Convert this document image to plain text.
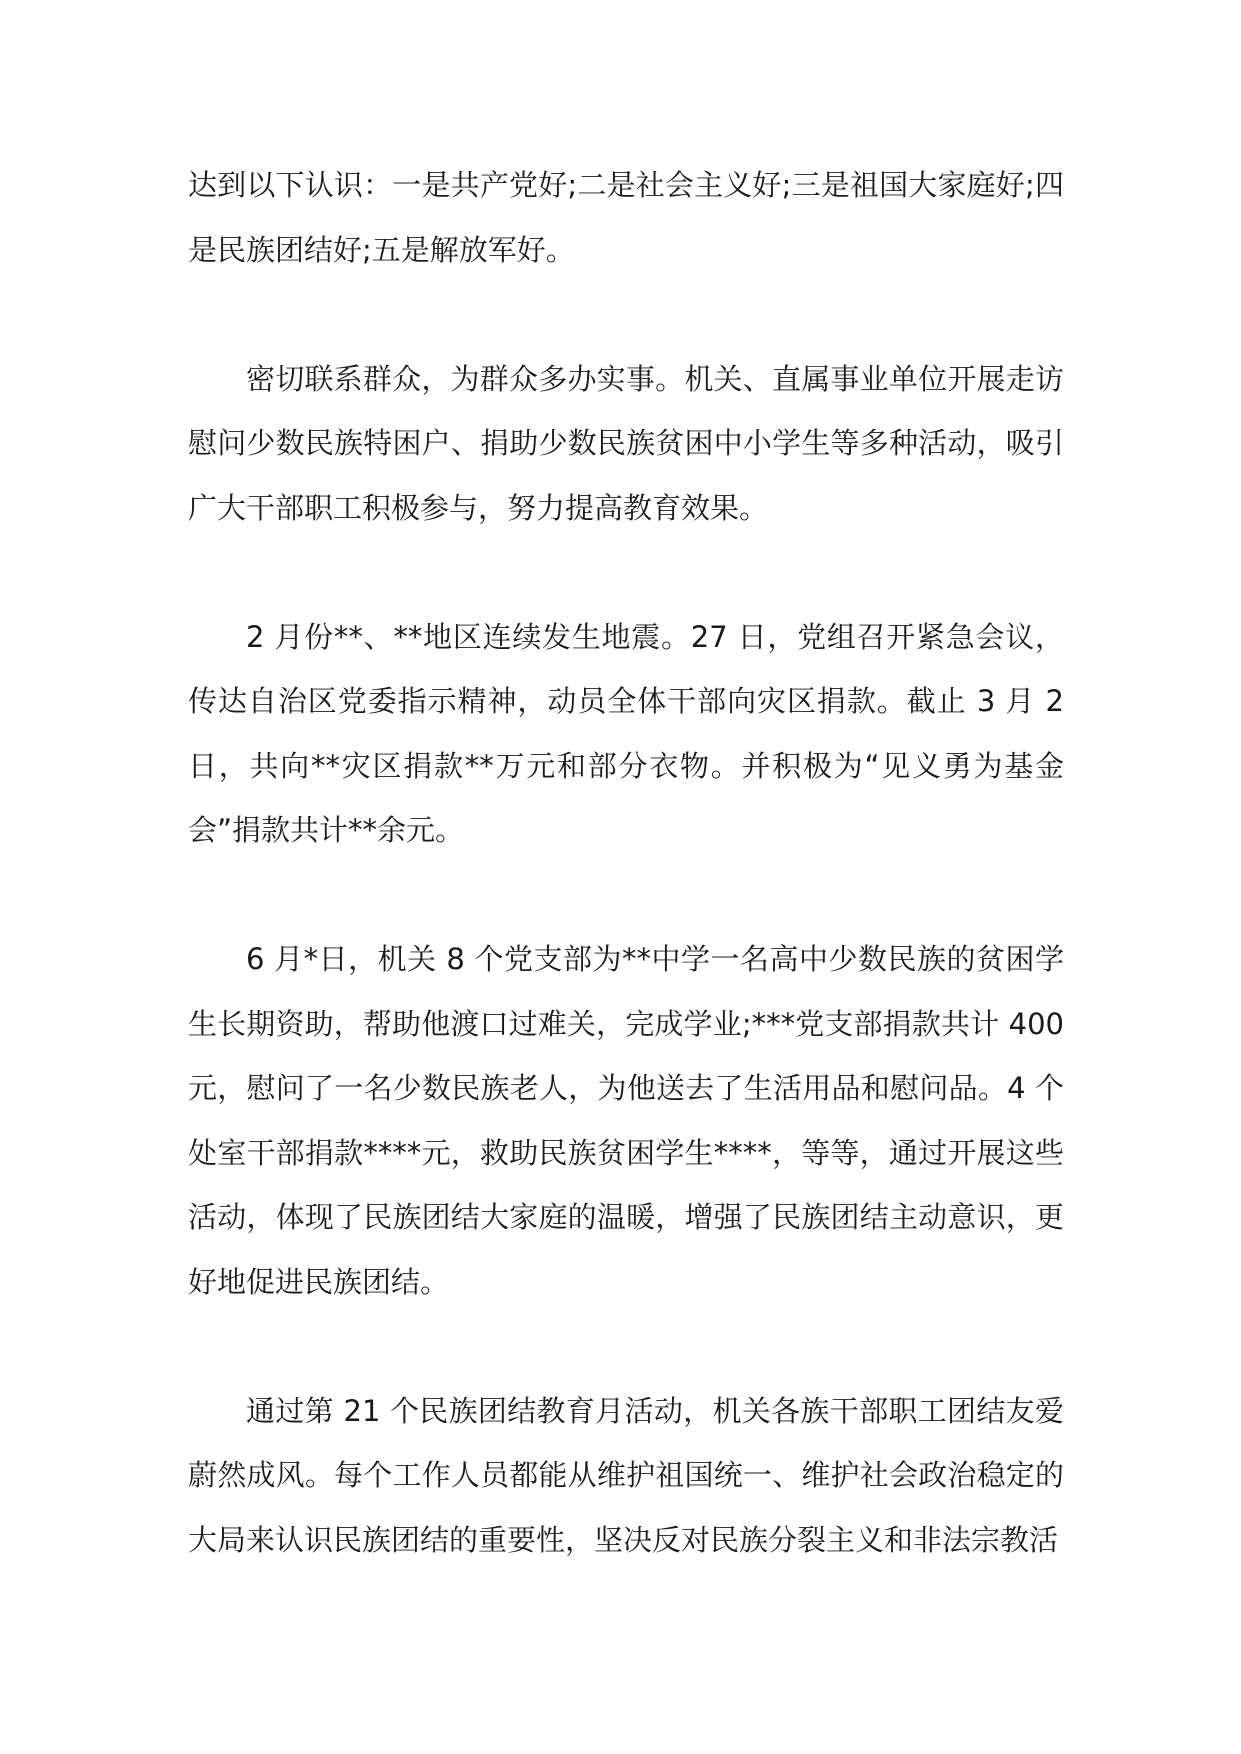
达到以下认识：一是共产党好;二是社会主义好;三是祖国大家庭好;四是民族团结好;五是解放军好。

密切联系群众，为群众多办实事。机关、直属事业单位开展走访慰问少数民族特困户、捐助少数民族贫困中小学生等多种活动，吸引广大干部职工积极参与，努力提高教育效果。

2 月份**、**地区连续发生地震。27 日，党组召开紧急会议，传达自治区党委指示精神，动员全体干部向灾区捐款。截止 3 月 2 日，共向**灾区捐款**万元和部分衣物。并积极为“见义勇为基金会”捐款共计**余元。

6 月*日，机关 8 个党支部为**中学一名高中少数民族的贫困学生长期资助，帮助他渡口过难关，完成学业;***党支部捐款共计 400 元，慰问了一名少数民族老人，为他送去了生活用品和慰问品。4 个处室干部捐款****元，救助民族贫困学生****，等等，通过开展这些活动，体现了民族团结大家庭的温暖，增强了民族团结主动意识，更好地促进民族团结。

通过第 21 个民族团结教育月活动，机关各族干部职工团结友爱蔚然成风。每个工作人员都能从维护祖国统一、维护社会政治稳定的大局来认识民族团结的重要性，坚决反对民族分裂主义和非法宗教活
